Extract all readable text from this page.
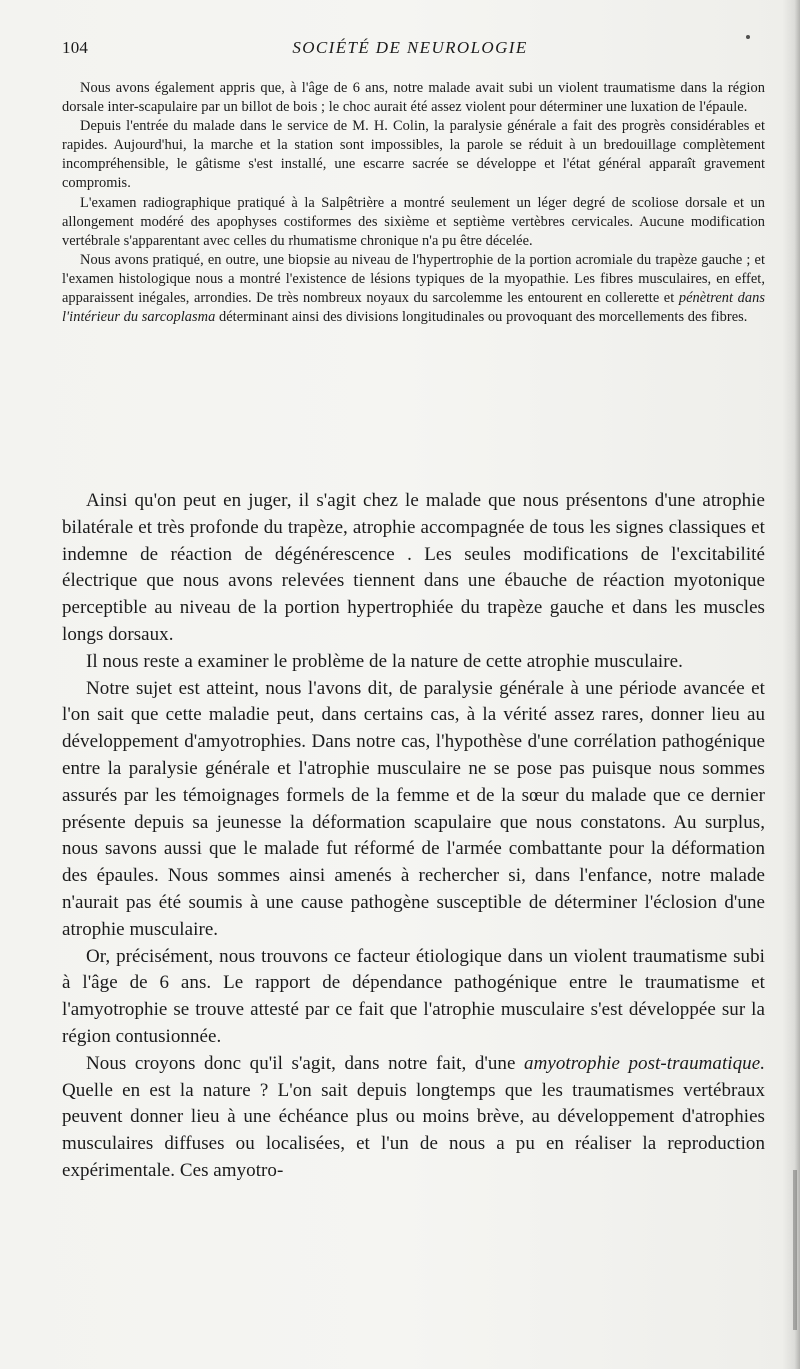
104	SOCIÉTÉ DE NEUROLOGIE

Nous avons également appris que, à l'âge de 6 ans, notre malade avait subi un violent traumatisme dans la région dorsale inter-scapulaire par un billot de bois ; le choc aurait été assez violent pour déterminer une luxation de l'épaule.

Depuis l'entrée du malade dans le service de M. H. Colin, la paralysie générale a fait des progrès considérables et rapides. Aujourd'hui, la marche et la station sont impossibles, la parole se réduit à un bredouillage complètement incompréhensible, le gâtisme s'est installé, une escarre sacrée se développe et l'état général apparaît gravement compromis.

L'examen radiographique pratiqué à la Salpêtrière a montré seulement un léger degré de scoliose dorsale et un allongement modéré des apophyses costiformes des sixième et septième vertèbres cervicales. Aucune modification vertébrale s'apparentant avec celles du rhumatisme chronique n'a pu être décelée.

Nous avons pratiqué, en outre, une biopsie au niveau de l'hypertrophie de la portion acromiale du trapèze gauche ; et l'examen histologique nous a montré l'existence de lésions typiques de la myopathie. Les fibres musculaires, en effet, apparaissent inégales, arrondies. De très nombreux noyaux du sarcolemme les entourent en collerette et pénètrent dans l'intérieur du sarcoplasma déterminant ainsi des divisions longitudinales ou provoquant des morcellements des fibres.

Ainsi qu'on peut en juger, il s'agit chez le malade que nous présentons d'une atrophie bilatérale et très profonde du trapèze, atrophie accompagnée de tous les signes classiques et indemne de réaction de dégénérescence . Les seules modifications de l'excitabilité électrique que nous avons relevées tiennent dans une ébauche de réaction myotonique perceptible au niveau de la portion hypertrophiée du trapèze gauche et dans les muscles longs dorsaux.

Il nous reste a examiner le problème de la nature de cette atrophie musculaire.

Notre sujet est atteint, nous l'avons dit, de paralysie générale à une période avancée et l'on sait que cette maladie peut, dans certains cas, à la vérité assez rares, donner lieu au développement d'amyotrophies. Dans notre cas, l'hypothèse d'une corrélation pathogénique entre la paralysie générale et l'atrophie musculaire ne se pose pas puisque nous sommes assurés par les témoignages formels de la femme et de la sœur du malade que ce dernier présente depuis sa jeunesse la déformation scapulaire que nous constatons. Au surplus, nous savons aussi que le malade fut réformé de l'armée combattante pour la déformation des épaules. Nous sommes ainsi amenés à rechercher si, dans l'enfance, notre malade n'aurait pas été soumis à une cause pathogène susceptible de déterminer l'éclosion d'une atrophie musculaire.

Or, précisément, nous trouvons ce facteur étiologique dans un violent traumatisme subi à l'âge de 6 ans. Le rapport de dépendance pathogénique entre le traumatisme et l'amyotrophie se trouve attesté par ce fait que l'atrophie musculaire s'est développée sur la région contusionnée.

Nous croyons donc qu'il s'agit, dans notre fait, d'une amyotrophie post-traumatique. Quelle en est la nature ? L'on sait depuis longtemps que les traumatismes vertébraux peuvent donner lieu à une échéance plus ou moins brève, au développement d'atrophies musculaires diffuses ou localisées, et l'un de nous a pu en réaliser la reproduction expérimentale. Ces amyotro-
